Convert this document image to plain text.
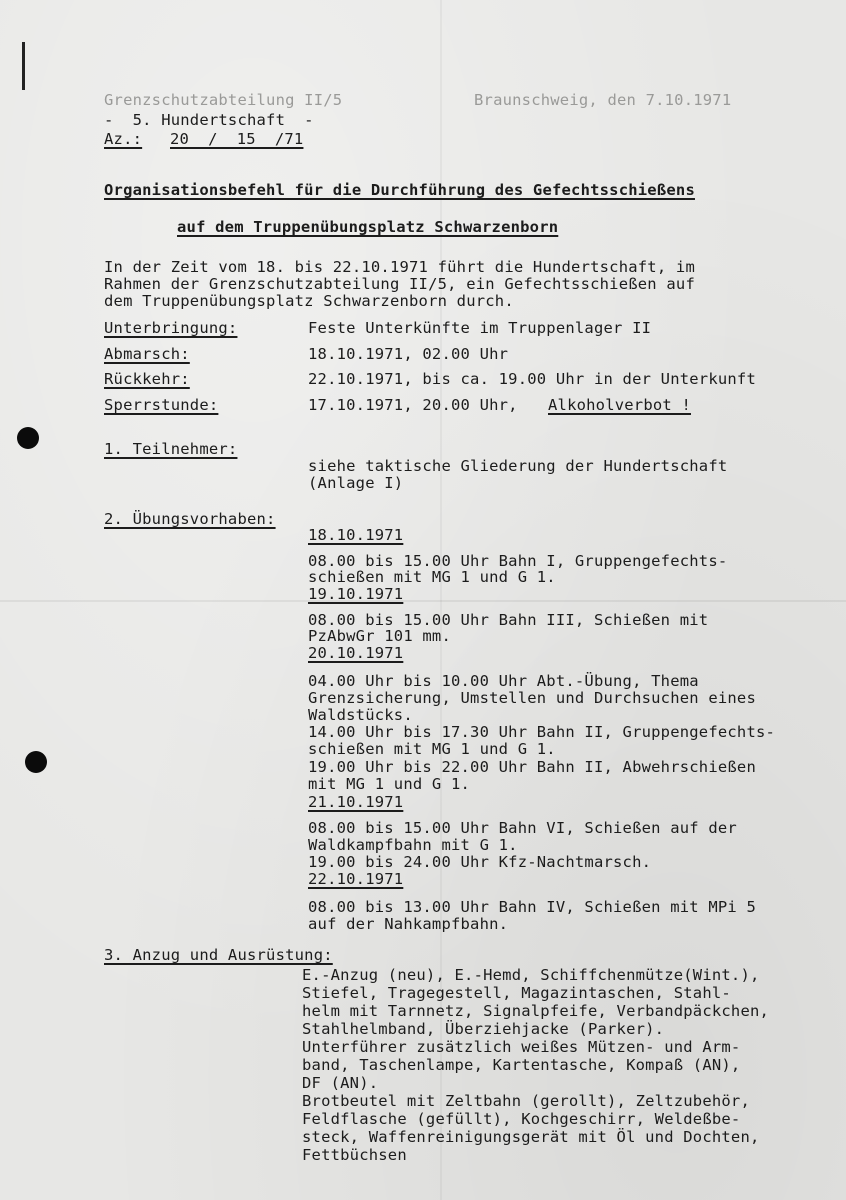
Grenzschutzabteilung II/5	Braunschweig, den 7.10.1971
-  5. Hundertschaft  -
Az.: 20  /  15  /71
Organisationsbefehl für die Durchführung des Gefechtsschießens
auf dem Truppenübungsplatz Schwarzenborn
In der Zeit vom 18. bis 22.10.1971 führt die Hundertschaft, im
Rahmen der Grenzschutzabteilung II/5, ein Gefechtsschießen auf
dem Truppenübungsplatz Schwarzenborn durch.
Unterbringung:	Feste Unterkünfte im Truppenlager II
Abmarsch:	18.10.1971, 02.00 Uhr
Rückkehr:	22.10.1971, bis ca. 19.00 Uhr in der Unterkunft
Sperrstunde:	17.10.1971, 20.00 Uhr, Alkoholverbot !
1. Teilnehmer:
siehe taktische Gliederung der Hundertschaft
(Anlage I)
2. Übungsvorhaben:
18.10.1971
08.00 bis 15.00 Uhr Bahn I, Gruppengefechts-
schießen mit MG 1 und G 1.
19.10.1971
08.00 bis 15.00 Uhr Bahn III, Schießen mit
PzAbwGr 101 mm.
20.10.1971
04.00 Uhr bis 10.00 Uhr Abt.-Übung, Thema
Grenzsicherung, Umstellen und Durchsuchen eines
Waldstücks.
14.00 Uhr bis 17.30 Uhr Bahn II, Gruppengefechts-
schießen mit MG 1 und G 1.
19.00 Uhr bis 22.00 Uhr Bahn II, Abwehrschießen
mit MG 1 und G 1.
21.10.1971
08.00 bis 15.00 Uhr Bahn VI, Schießen auf der
Waldkampfbahn mit G 1.
19.00 bis 24.00 Uhr Kfz-Nachtmarsch.
22.10.1971
08.00 bis 13.00 Uhr Bahn IV, Schießen mit MPi 5
auf der Nahkampfbahn.
3. Anzug und Ausrüstung:
E.-Anzug (neu), E.-Hemd, Schiffchenmütze(Wint.),
Stiefel, Tragegestell, Magazintaschen, Stahl-
helm mit Tarnnetz, Signalpfeife, Verbandpäckchen,
Stahlhelmband, Überziehjacke (Parker).
Unterführer zusätzlich weißes Mützen- und Arm-
band, Taschenlampe, Kartentasche, Kompaß (AN),
DF (AN).
Brotbeutel mit Zeltbahn (gerollt), Zeltzubehör,
Feldflasche (gefüllt), Kochgeschirr, Weldeßbe-
steck, Waffenreinigungsgerät mit Öl und Dochten,
Fettbüchsen
